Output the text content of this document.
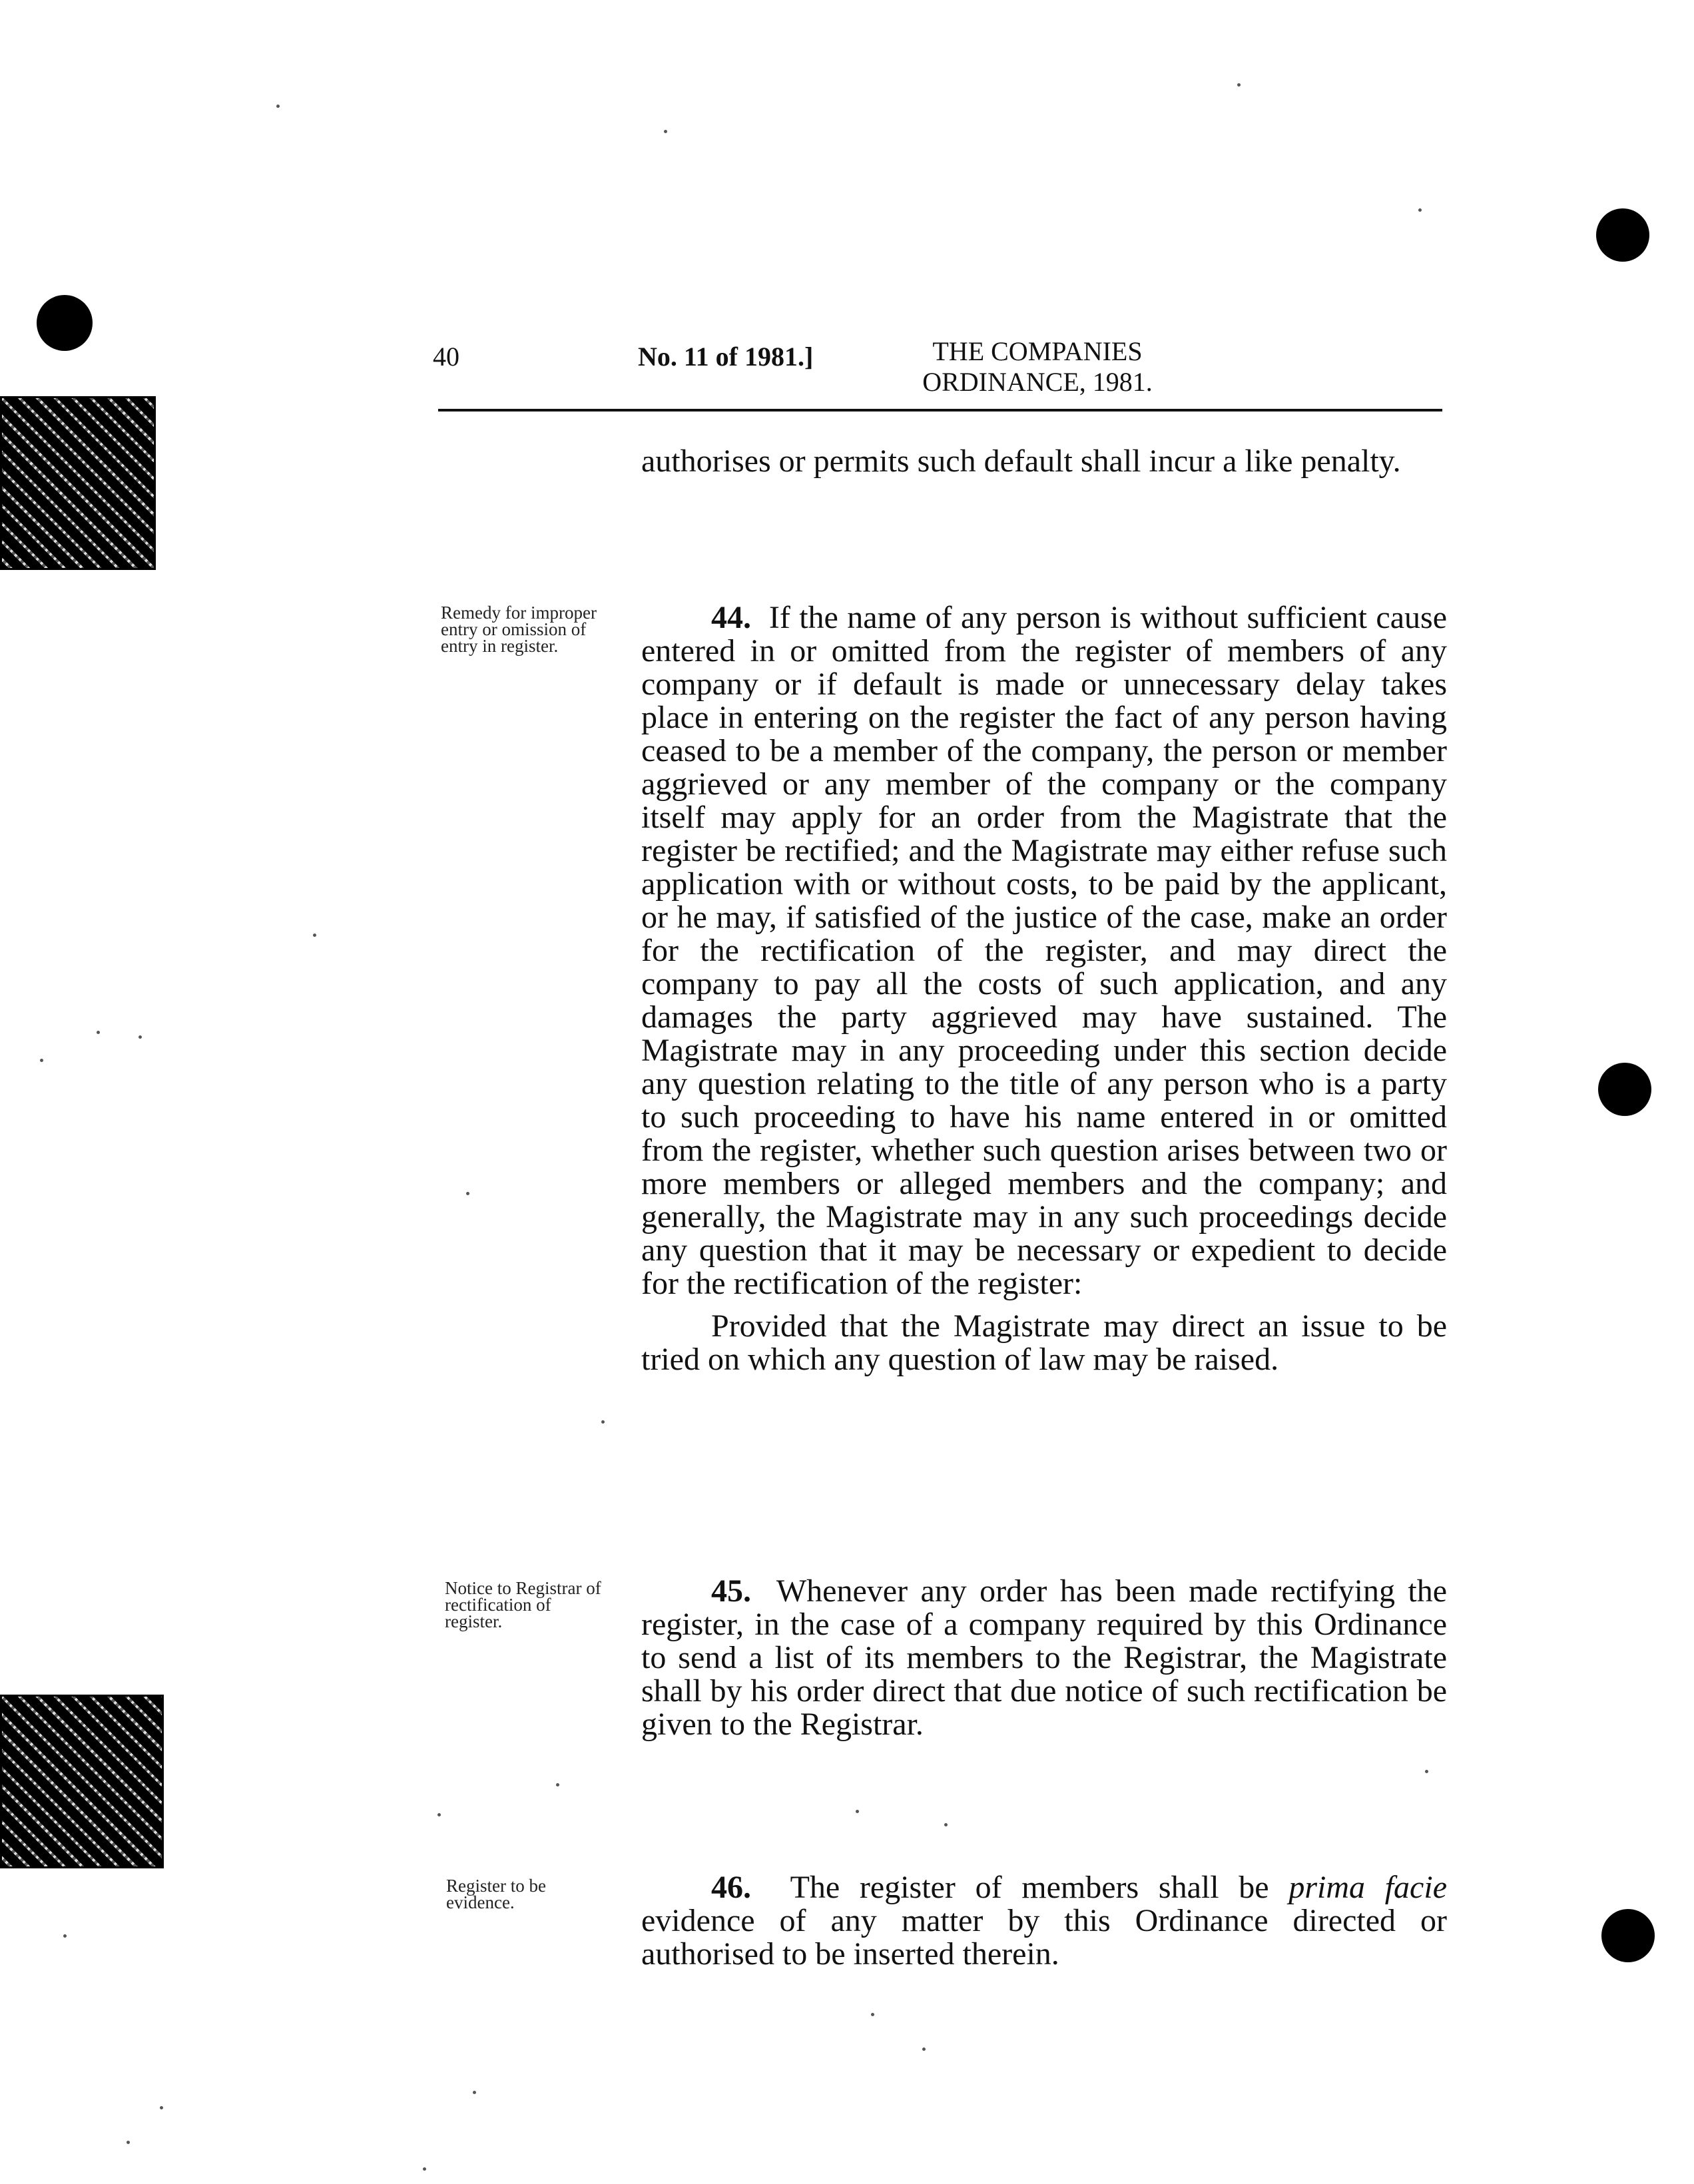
40	No. 11 of 1981.]	THE COMPANIES
ORDINANCE, 1981.

authorises or permits such default shall incur a like penalty.

Remedy for improper entry or omission of entry in register.

44. If the name of any person is without sufficient cause entered in or omitted from the register of members of any company or if default is made or unnecessary delay takes place in entering on the register the fact of any person having ceased to be a member of the company, the person or member aggrieved or any member of the company or the company itself may apply for an order from the Magistrate that the register be rectified; and the Magistrate may either refuse such application with or without costs, to be paid by the applicant, or he may, if satisfied of the justice of the case, make an order for the rectification of the register, and may direct the company to pay all the costs of such application, and any damages the party aggrieved may have sustained. The Magistrate may in any proceeding under this section decide any question relating to the title of any person who is a party to such proceeding to have his name entered in or omitted from the register, whether such question arises between two or more members or alleged members and the company; and generally, the Magistrate may in any such proceedings decide any question that it may be necessary or expedient to decide for the rectification of the register:

Provided that the Magistrate may direct an issue to be tried on which any question of law may be raised.

Notice to Registrar of rectification of register.

45. Whenever any order has been made rectifying the register, in the case of a company required by this Ordinance to send a list of its members to the Registrar, the Magistrate shall by his order direct that due notice of such rectification be given to the Registrar.

Register to be evidence.	46. The register of members shall be prima facie evidence of any matter by this Ordinance directed or authorised to be inserted therein.
